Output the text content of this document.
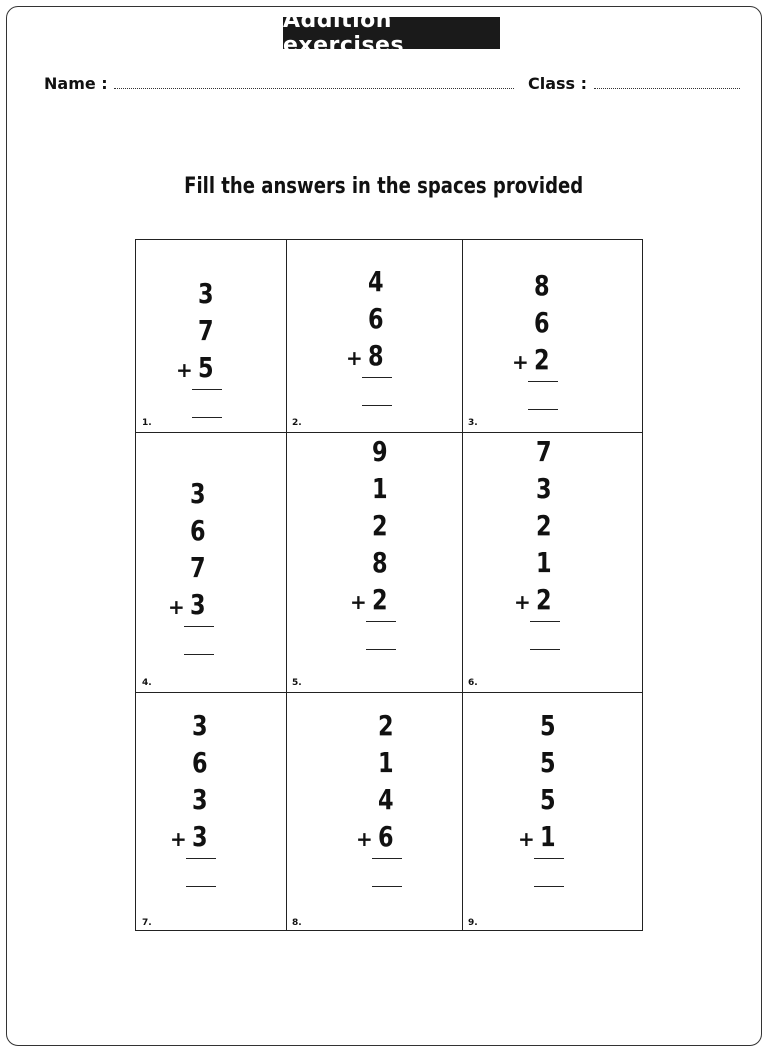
Addition exercises
Name :	Class :
Fill the answers in the spaces provided
3
7
5
+
1.
4
6
8
+
2.
8
6
2
+
3.
3
6
7
3
+
4.
9
1
2
8
2
+
5.
7
3
2
1
2
+
6.
3
6
3
3
+
7.
2
1
4
6
+
8.
5
5
5
1
+
9.
